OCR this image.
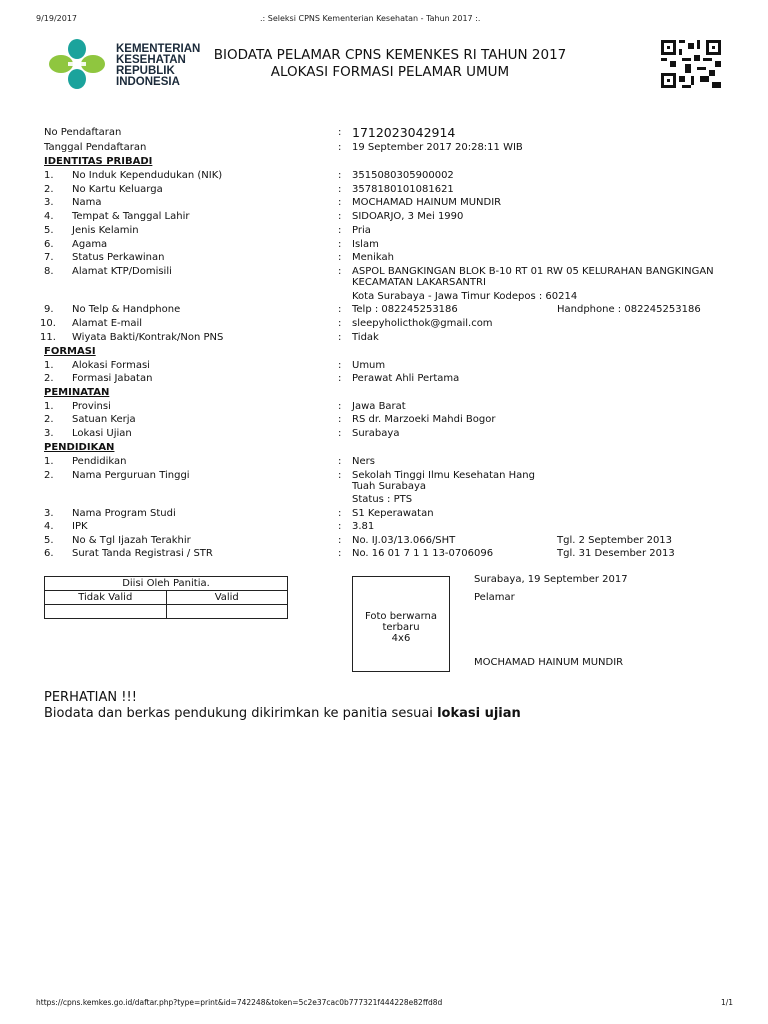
9/19/2017	.: Seleksi CPNS Kementerian Kesehatan - Tahun 2017 :.
KEMENTERIAN
KESEHATAN
REPUBLIK
INDONESIA
BIODATA PELAMAR CPNS KEMENKES RI TAHUN 2017
ALOKASI FORMASI PELAMAR UMUM
No Pendaftaran	: 1712023042914
Tanggal Pendaftaran	: 19 September 2017 20:28:11 WIB
IDENTITAS PRIBADI
1. No Induk Kependudukan (NIK)	: 3515080305900002
2. No Kartu Keluarga	: 3578180101081621
3. Nama	: MOCHAMAD HAINUM MUNDIR
4. Tempat & Tanggal Lahir	: SIDOARJO, 3 Mei 1990
5. Jenis Kelamin	: Pria
6. Agama	: Islam
7. Status Perkawinan	: Menikah
8. Alamat KTP/Domisili	: ASPOL BANGKINGAN BLOK B-10 RT 01 RW 05 KELURAHAN BANGKINGAN
KECAMATAN LAKARSANTRI
Kota Surabaya - Jawa Timur Kodepos : 60214
9. No Telp & Handphone	: Telp : 082245253186	Handphone : 082245253186
10. Alamat E-mail	: sleepyholicthok@gmail.com
11. Wiyata Bakti/Kontrak/Non PNS	: Tidak
FORMASI
1. Alokasi Formasi	: Umum
2. Formasi Jabatan	: Perawat Ahli Pertama
PEMINATAN
1. Provinsi	: Jawa Barat
2. Satuan Kerja	: RS dr. Marzoeki Mahdi Bogor
3. Lokasi Ujian	: Surabaya
PENDIDIKAN
1. Pendidikan	: Ners
2. Nama Perguruan Tinggi	: Sekolah Tinggi Ilmu Kesehatan Hang
Tuah Surabaya
Status : PTS
3. Nama Program Studi	: S1 Keperawatan
4. IPK	: 3.81
5. No & Tgl Ijazah Terakhir	: No. IJ.03/13.066/SHT	Tgl. 2 September 2013
6. Surat Tanda Registrasi / STR	: No. 16 01 7 1 1 13-0706096	Tgl. 31 Desember 2013
Diisi Oleh Panitia.	
Tidak Valid	Valid

Foto berwarna
terbaru
4x6
Surabaya, 19 September 2017
Pelamar
MOCHAMAD HAINUM MUNDIR
PERHATIAN !!!
Biodata dan berkas pendukung dikirimkan ke panitia sesuai lokasi ujian
https://cpns.kemkes.go.id/daftar.php?type=print&id=742248&token=5c2e37cac0b777321f444228e82ffd8d	1/1
